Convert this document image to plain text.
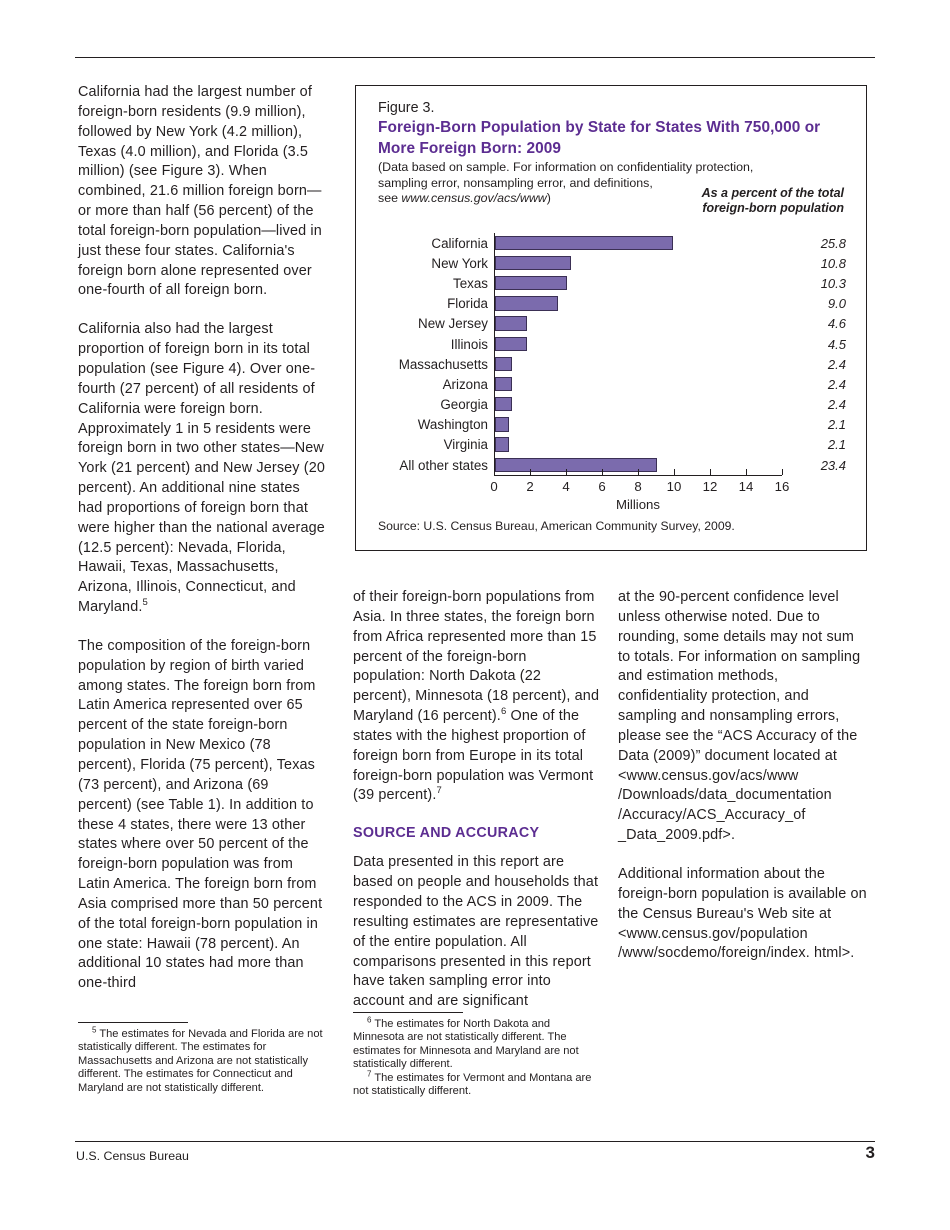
California had the largest number of foreign-born residents (9.9 million), followed by New York (4.2 million), Texas (4.0 million), and Florida (3.5 million) (see Figure 3). When combined, 21.6 million foreign born—or more than half (56 percent) of the total foreign-born population—lived in just these four states. California's foreign born alone represented over one-fourth of all foreign born.

California also had the largest proportion of foreign born in its total population (see Figure 4). Over one-fourth (27 percent) of all residents of California were foreign born. Approximately 1 in 5 residents were foreign born in two other states—New York (21 percent) and New Jersey (20 percent). An additional nine states had proportions of foreign born that were higher than the national average (12.5 percent): Nevada, Florida, Hawaii, Texas, Massachusetts, Arizona, Illinois, Connecticut, and Maryland.$^5$

The composition of the foreign-born population by region of birth varied among states. The foreign born from Latin America represented over 65 percent of the state foreign-born population in New Mexico (78 percent), Florida (75 percent), Texas (73 percent), and Arizona (69 percent) (see Table 1). In addition to these 4 states, there were 13 other states where over 50 percent of the foreign-born population was from Latin America. The foreign born from Asia comprised more than 50 percent of the total foreign-born population in one state: Hawaii (78 percent). An additional 10 states had more than one-third

Figure 3.
Foreign-Born Population by State for States With 750,000 or More Foreign Born: 2009
(Data based on sample. For information on confidentiality protection,
sampling error, nonsampling error, and definitions,
see www.census.gov/acs/www)	As a percent of the total foreign-born population
California	25.8
New York	10.8
Texas	10.3
Florida	9.0
New Jersey	4.6
Illinois	4.5
Massachusetts	2.4
Arizona	2.4
Georgia	2.4
Washington	2.1
Virginia	2.1
All other states	23.4
0 2 4 6 8 10 12 14 16
Millions
Source: U.S. Census Bureau, American Community Survey, 2009.

of their foreign-born populations from Asia. In three states, the foreign born from Africa represented more than 15 percent of the foreign-born population: North Dakota (22 percent), Minnesota (18 percent), and Maryland (16 percent).$^6$ One of the states with the highest proportion of foreign born from Europe in its total foreign-born population was Vermont (39 percent).$^7$

SOURCE AND ACCURACY

Data presented in this report are based on people and households that responded to the ACS in 2009. The resulting estimates are representative of the entire population. All comparisons presented in this report have taken sampling error into account and are significant

at the 90-percent confidence level unless otherwise noted. Due to rounding, some details may not sum to totals. For information on sampling and estimation methods, confidentiality protection, and sampling and nonsampling errors, please see the “ACS Accuracy of the Data (2009)” document located at <www.census.gov/acs/www /Downloads/data_documentation /Accuracy/ACS_Accuracy_of _Data_2009.pdf>.

Additional information about the foreign-born population is available on the Census Bureau's Web site at <www.census.gov/population /www/socdemo/foreign/index. html>.

$^5$ The estimates for Nevada and Florida are not statistically different. The estimates for Massachusetts and Arizona are not statistically different. The estimates for Connecticut and Maryland are not statistically different.

$^6$ The estimates for North Dakota and Minnesota are not statistically different. The estimates for Minnesota and Maryland are not statistically different.

$^7$ The estimates for Vermont and Montana are not statistically different.

U.S. Census Bureau	3
